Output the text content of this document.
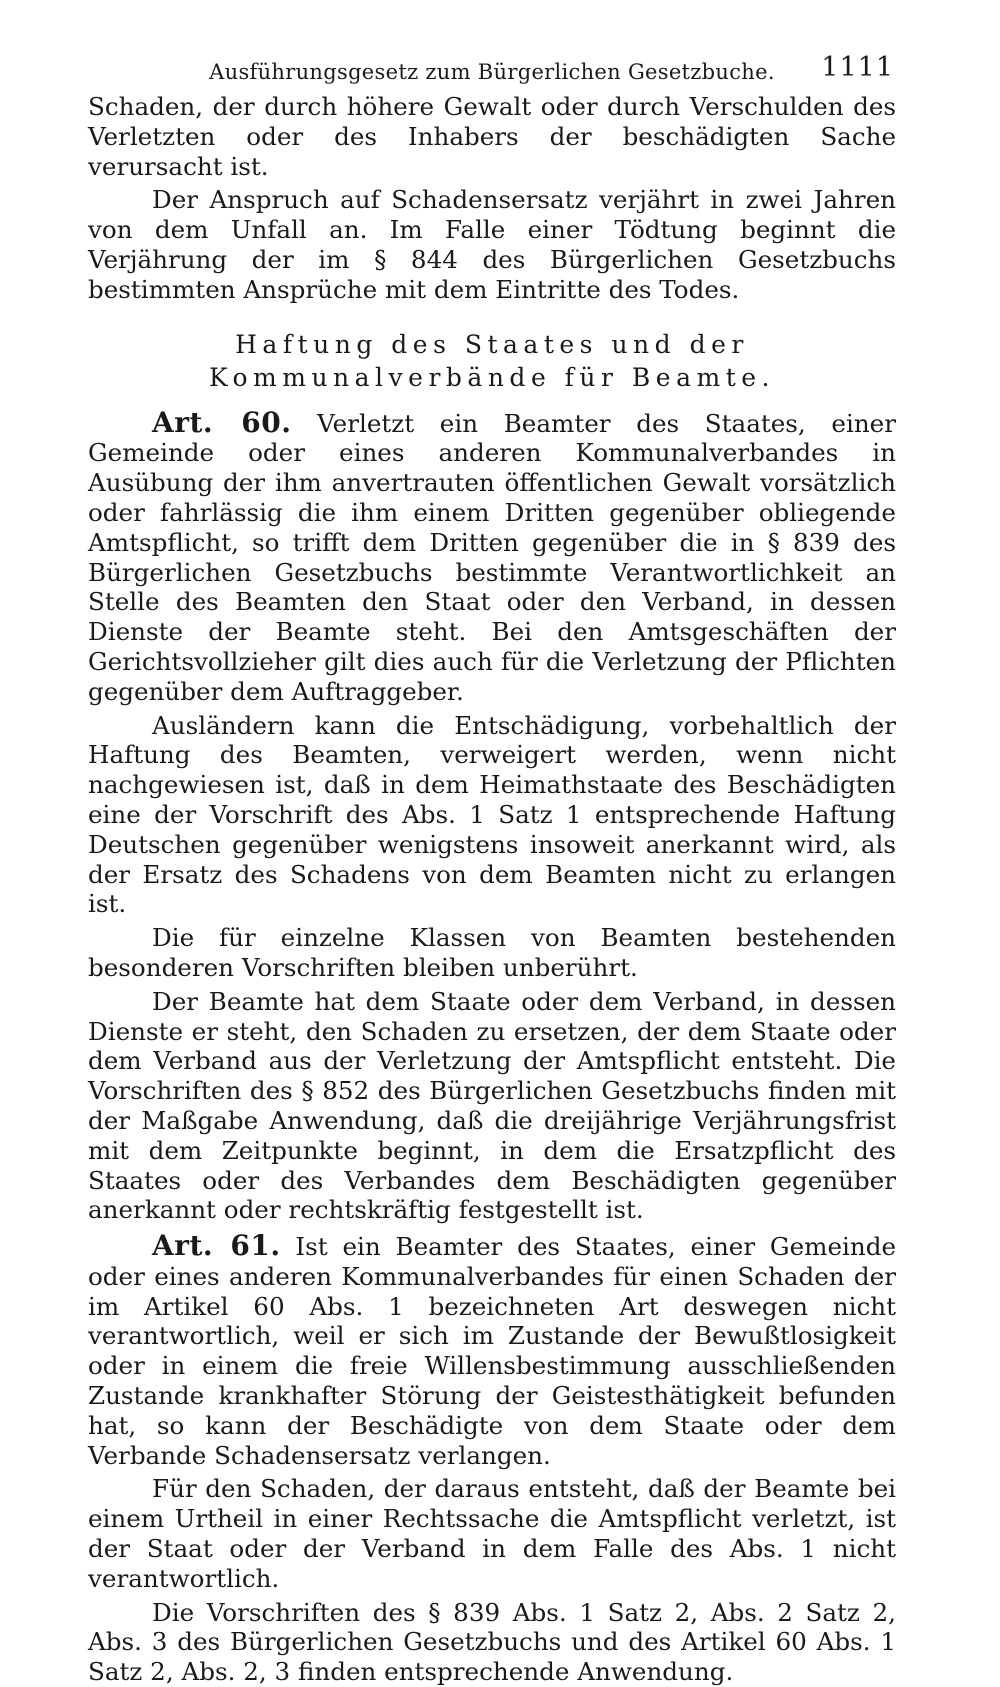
Ausführungsgesetz zum Bürgerlichen Gesetzbuche. 1111

Schaden, der durch höhere Gewalt oder durch Verschulden des Verletzten oder des Inhabers der beschädigten Sache verursacht ist.

Der Anspruch auf Schadensersatz verjährt in zwei Jahren von dem Unfall an. Im Falle einer Tödtung beginnt die Verjährung der im § 844 des Bürgerlichen Gesetzbuchs bestimmten Ansprüche mit dem Eintritte des Todes.

Haftung des Staates und der Kommunalverbände für Beamte.

Art. 60. Verletzt ein Beamter des Staates, einer Gemeinde oder eines anderen Kommunalverbandes in Ausübung der ihm anvertrauten öffentlichen Gewalt vorsätzlich oder fahrlässig die ihm einem Dritten gegenüber obliegende Amtspflicht, so trifft dem Dritten gegenüber die in § 839 des Bürgerlichen Gesetzbuchs bestimmte Verantwortlichkeit an Stelle des Beamten den Staat oder den Verband, in dessen Dienste der Beamte steht. Bei den Amtsgeschäften der Gerichtsvollzieher gilt dies auch für die Verletzung der Pflichten gegenüber dem Auftraggeber.

Ausländern kann die Entschädigung, vorbehaltlich der Haftung des Beamten, verweigert werden, wenn nicht nachgewiesen ist, daß in dem Heimathstaate des Beschädigten eine der Vorschrift des Abs. 1 Satz 1 entsprechende Haftung Deutschen gegenüber wenigstens insoweit anerkannt wird, als der Ersatz des Schadens von dem Beamten nicht zu erlangen ist.

Die für einzelne Klassen von Beamten bestehenden besonderen Vorschriften bleiben unberührt.

Der Beamte hat dem Staate oder dem Verband, in dessen Dienste er steht, den Schaden zu ersetzen, der dem Staate oder dem Verband aus der Verletzung der Amtspflicht entsteht. Die Vorschriften des § 852 des Bürgerlichen Gesetzbuchs finden mit der Maßgabe Anwendung, daß die dreijährige Verjährungsfrist mit dem Zeitpunkte beginnt, in dem die Ersatzpflicht des Staates oder des Verbandes dem Beschädigten gegenüber anerkannt oder rechtskräftig festgestellt ist.

Art. 61. Ist ein Beamter des Staates, einer Gemeinde oder eines anderen Kommunalverbandes für einen Schaden der im Artikel 60 Abs. 1 bezeichneten Art deswegen nicht verantwortlich, weil er sich im Zustande der Bewußtlosigkeit oder in einem die freie Willensbestimmung ausschließenden Zustande krankhafter Störung der Geistesthätigkeit befunden hat, so kann der Beschädigte von dem Staate oder dem Verbande Schadensersatz verlangen.

Für den Schaden, der daraus entsteht, daß der Beamte bei einem Urtheil in einer Rechtssache die Amtspflicht verletzt, ist der Staat oder der Verband in dem Falle des Abs. 1 nicht verantwortlich.

Die Vorschriften des § 839 Abs. 1 Satz 2, Abs. 2 Satz 2, Abs. 3 des Bürgerlichen Gesetzbuchs und des Artikel 60 Abs. 1 Satz 2, Abs. 2, 3 finden entsprechende Anwendung.
